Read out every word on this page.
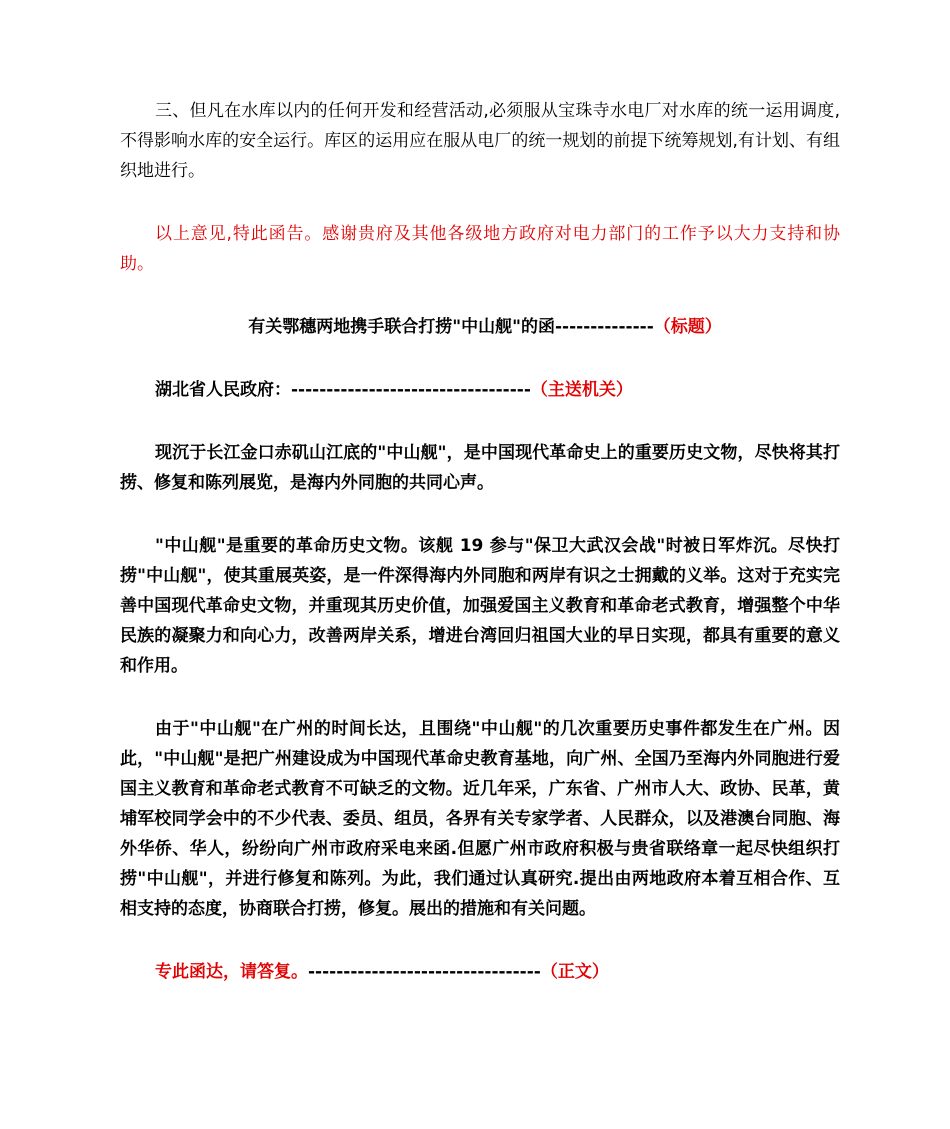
三、但凡在水库以内的任何开发和经营活动,必须服从宝珠寺水电厂对水库的统一运用调度,不得影响水库的安全运行。库区的运用应在服从电厂的统一规划的前提下统筹规划,有计划、有组织地进行。

以上意见,特此函告。感谢贵府及其他各级地方政府对电力部门的工作予以大力支持和协助。

有关鄂穗两地携手联合打捞"中山舰"的函--------------（标题）

湖北省人民政府：----------------------------------（主送机关）

现沉于长江金口赤矶山江底的"中山舰"，是中国现代革命史上的重要历史文物，尽快将其打捞、修复和陈列展览，是海内外同胞的共同心声。

"中山舰"是重要的革命历史文物。该舰 19 参与"保卫大武汉会战"时被日军炸沉。尽快打捞"中山舰"，使其重展英姿，是一件深得海内外同胞和两岸有识之士拥戴的义举。这对于充实完善中国现代革命史文物，并重现其历史价值，加强爱国主义教育和革命老式教育，增强整个中华民族的凝聚力和向心力，改善两岸关系，增进台湾回归祖国大业的早日实现，都具有重要的意义和作用。

由于"中山舰"在广州的时间长达，且围绕"中山舰"的几次重要历史事件都发生在广州。因此，"中山舰"是把广州建设成为中国现代革命史教育基地，向广州、全国乃至海内外同胞进行爱国主义教育和革命老式教育不可缺乏的文物。近几年采，广东省、广州市人大、政协、民革，黄埔军校同学会中的不少代表、委员、组员，各界有关专家学者、人民群众，以及港澳台同胞、海外华侨、华人，纷纷向广州市政府采电来函.但愿广州市政府积极与贵省联络章一起尽快组织打捞"中山舰"，并进行修复和陈列。为此，我们通过认真研究.提出由两地政府本着互相合作、互相支持的态度，协商联合打捞，修复。展出的措施和有关问题。

专此函达，请答复。---------------------------------（正文）
